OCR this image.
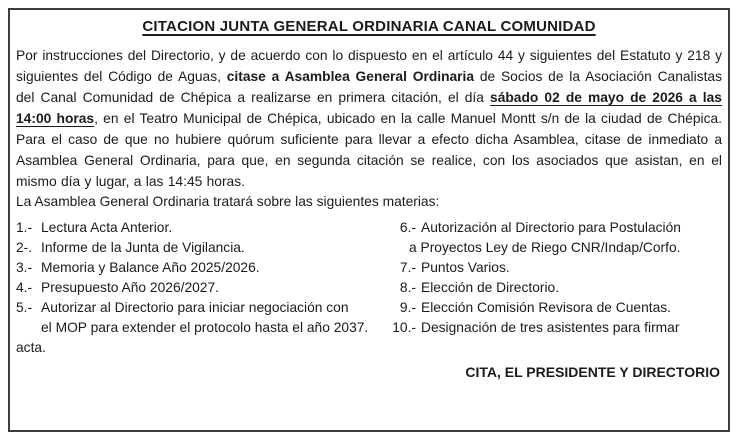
CITACION JUNTA GENERAL ORDINARIA CANAL COMUNIDAD
Por instrucciones del Directorio, y de acuerdo con lo dispuesto en el artículo 44 y siguientes del Estatuto y 218 y siguientes del Código de Aguas, citase a Asamblea General Ordinaria de Socios de la Asociación Canalistas del Canal Comunidad de Chépica a realizarse en primera citación, el día sábado 02 de mayo de 2026 a las 14:00 horas, en el Teatro Municipal de Chépica, ubicado en la calle Manuel Montt s/n de la ciudad de Chépica. Para el caso de que no hubiere quórum suficiente para llevar a efecto dicha Asamblea, citase de inmediato a Asamblea General Ordinaria, para que, en segunda citación se realice, con los asociados que asistan, en el mismo día y lugar, a las 14:45 horas.
La Asamblea General Ordinaria tratará sobre las siguientes materias:
1.- Lectura Acta Anterior.	6.- Autorización al Directorio para Postulación
2-. Informe de la Junta de Vigilancia.	a Proyectos Ley de Riego CNR/Indap/Corfo.
3.- Memoria y Balance Año 2025/2026.	7.- Puntos Varios.
4.- Presupuesto Año 2026/2027.	8.- Elección de Directorio.
5.- Autorizar al Directorio para iniciar negociación con	9.- Elección Comisión Revisora de Cuentas.
el MOP para extender el protocolo hasta el año 2037. 10.- Designación de tres asistentes para firmar
acta.
CITA, EL PRESIDENTE Y DIRECTORIO
